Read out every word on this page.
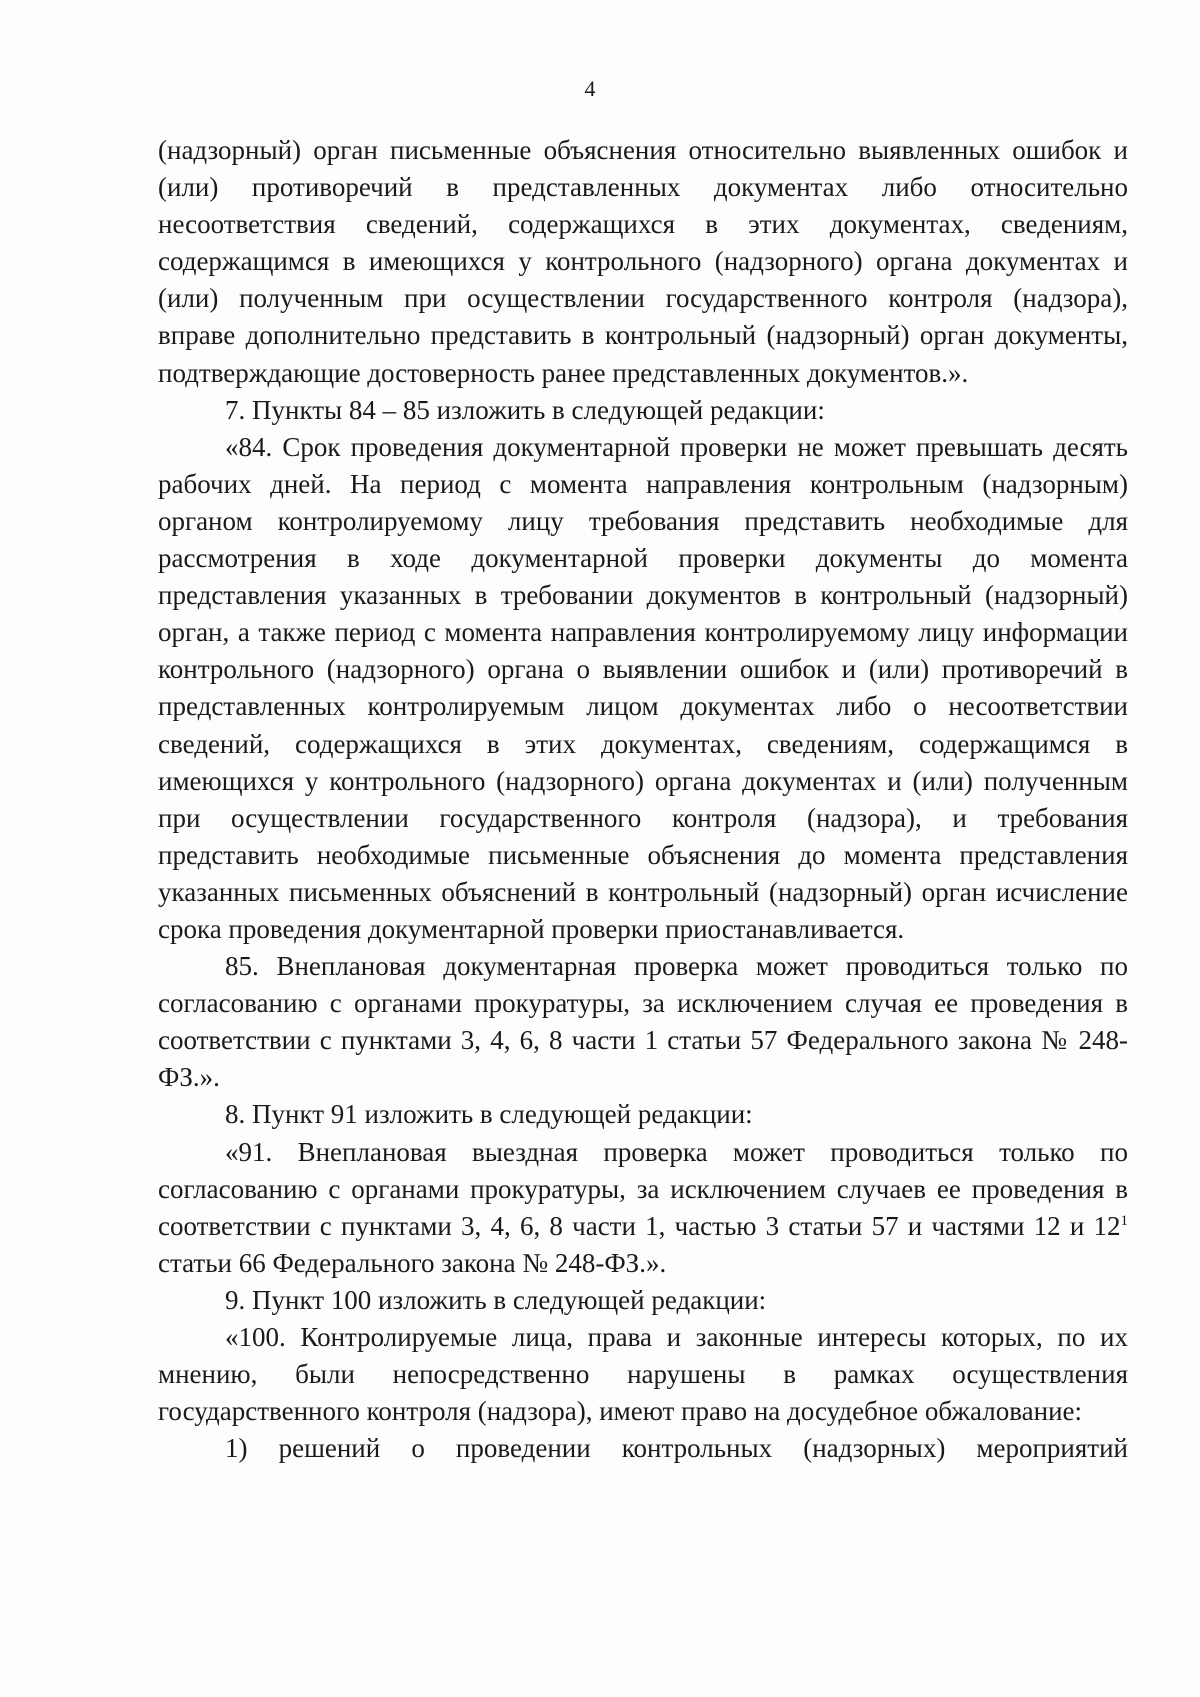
4

(надзорный) орган письменные объяснения относительно выявленных ошибок и (или) противоречий в представленных документах либо относительно несоответствия сведений, содержащихся в этих документах, сведениям, содержащимся в имеющихся у контрольного (надзорного) органа документах и (или) полученным при осуществлении государственного контроля (надзора), вправе дополнительно представить в контрольный (надзорный) орган документы, подтверждающие достоверность ранее представленных документов.».

7. Пункты 84 – 85 изложить в следующей редакции:

«84. Срок проведения документарной проверки не может превышать десять рабочих дней. На период с момента направления контрольным (надзорным) органом контролируемому лицу требования представить необходимые для рассмотрения в ходе документарной проверки документы до момента представления указанных в требовании документов в контрольный (надзорный) орган, а также период с момента направления контролируемому лицу информации контрольного (надзорного) органа о выявлении ошибок и (или) противоречий в представленных контролируемым лицом документах либо о несоответствии сведений, содержащихся в этих документах, сведениям, содержащимся в имеющихся у контрольного (надзорного) органа документах и (или) полученным при осуществлении государственного контроля (надзора), и требования представить необходимые письменные объяснения до момента представления указанных письменных объяснений в контрольный (надзорный) орган исчисление срока проведения документарной проверки приостанавливается.

85. Внеплановая документарная проверка может проводиться только по согласованию с органами прокуратуры, за исключением случая ее проведения в соответствии с пунктами 3, 4, 6, 8 части 1 статьи 57 Федерального закона № 248-ФЗ.».

8. Пункт 91 изложить в следующей редакции:

«91. Внеплановая выездная проверка может проводиться только по согласованию с органами прокуратуры, за исключением случаев ее проведения в соответствии с пунктами 3, 4, 6, 8 части 1, частью 3 статьи 57 и частями 12 и $12^1$ статьи 66 Федерального закона № 248-ФЗ.».

9. Пункт 100 изложить в следующей редакции:

«100. Контролируемые лица, права и законные интересы которых, по их мнению, были непосредственно нарушены в рамках осуществления государственного контроля (надзора), имеют право на досудебное обжалование:

1) решений о проведении контрольных (надзорных) мероприятий
